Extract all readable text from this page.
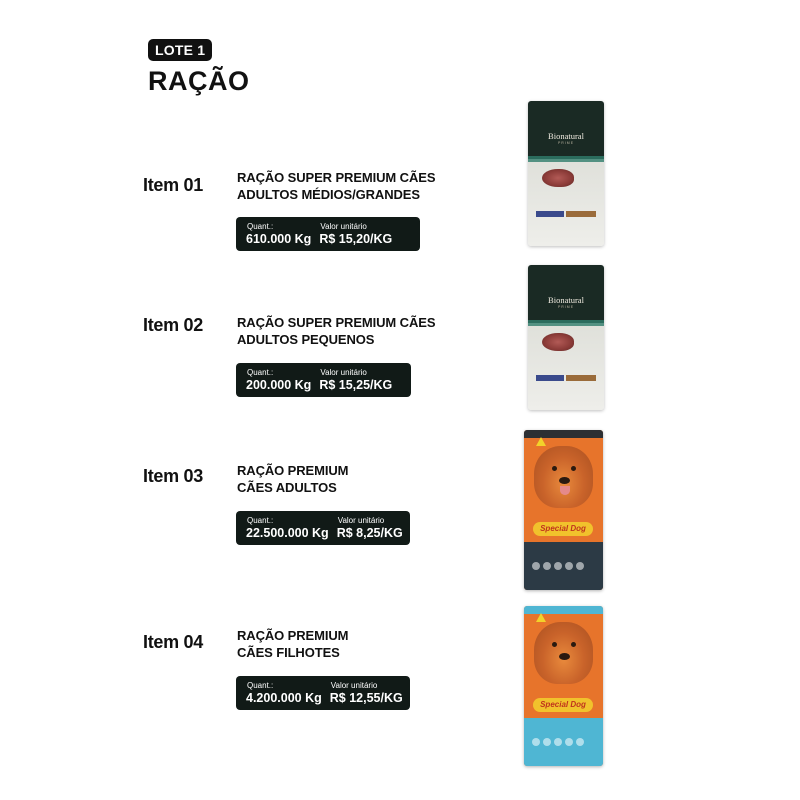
LOTE 1
RAÇÃO
Item 01	RAÇÃO SUPER PREMIUM CÃES
ADULTOS MÉDIOS/GRANDES
Quant.:
610.000 Kg
Valor unitário
R$ 15,20/KG
Bionatural
PRIME
Item 02	RAÇÃO SUPER PREMIUM CÃES
ADULTOS PEQUENOS
Quant.:
200.000 Kg
Valor unitário
R$ 15,25/KG
Bionatural
PRIME
Item 03	RAÇÃO PREMIUM
CÃES ADULTOS
Quant.:
22.500.000 Kg
Valor unitário
R$ 8,25/KG	Special Dog
Item 04	RAÇÃO PREMIUM
CÃES FILHOTES
Quant.:
4.200.000 Kg
Valor unitário
R$ 12,55/KG	Special Dog
